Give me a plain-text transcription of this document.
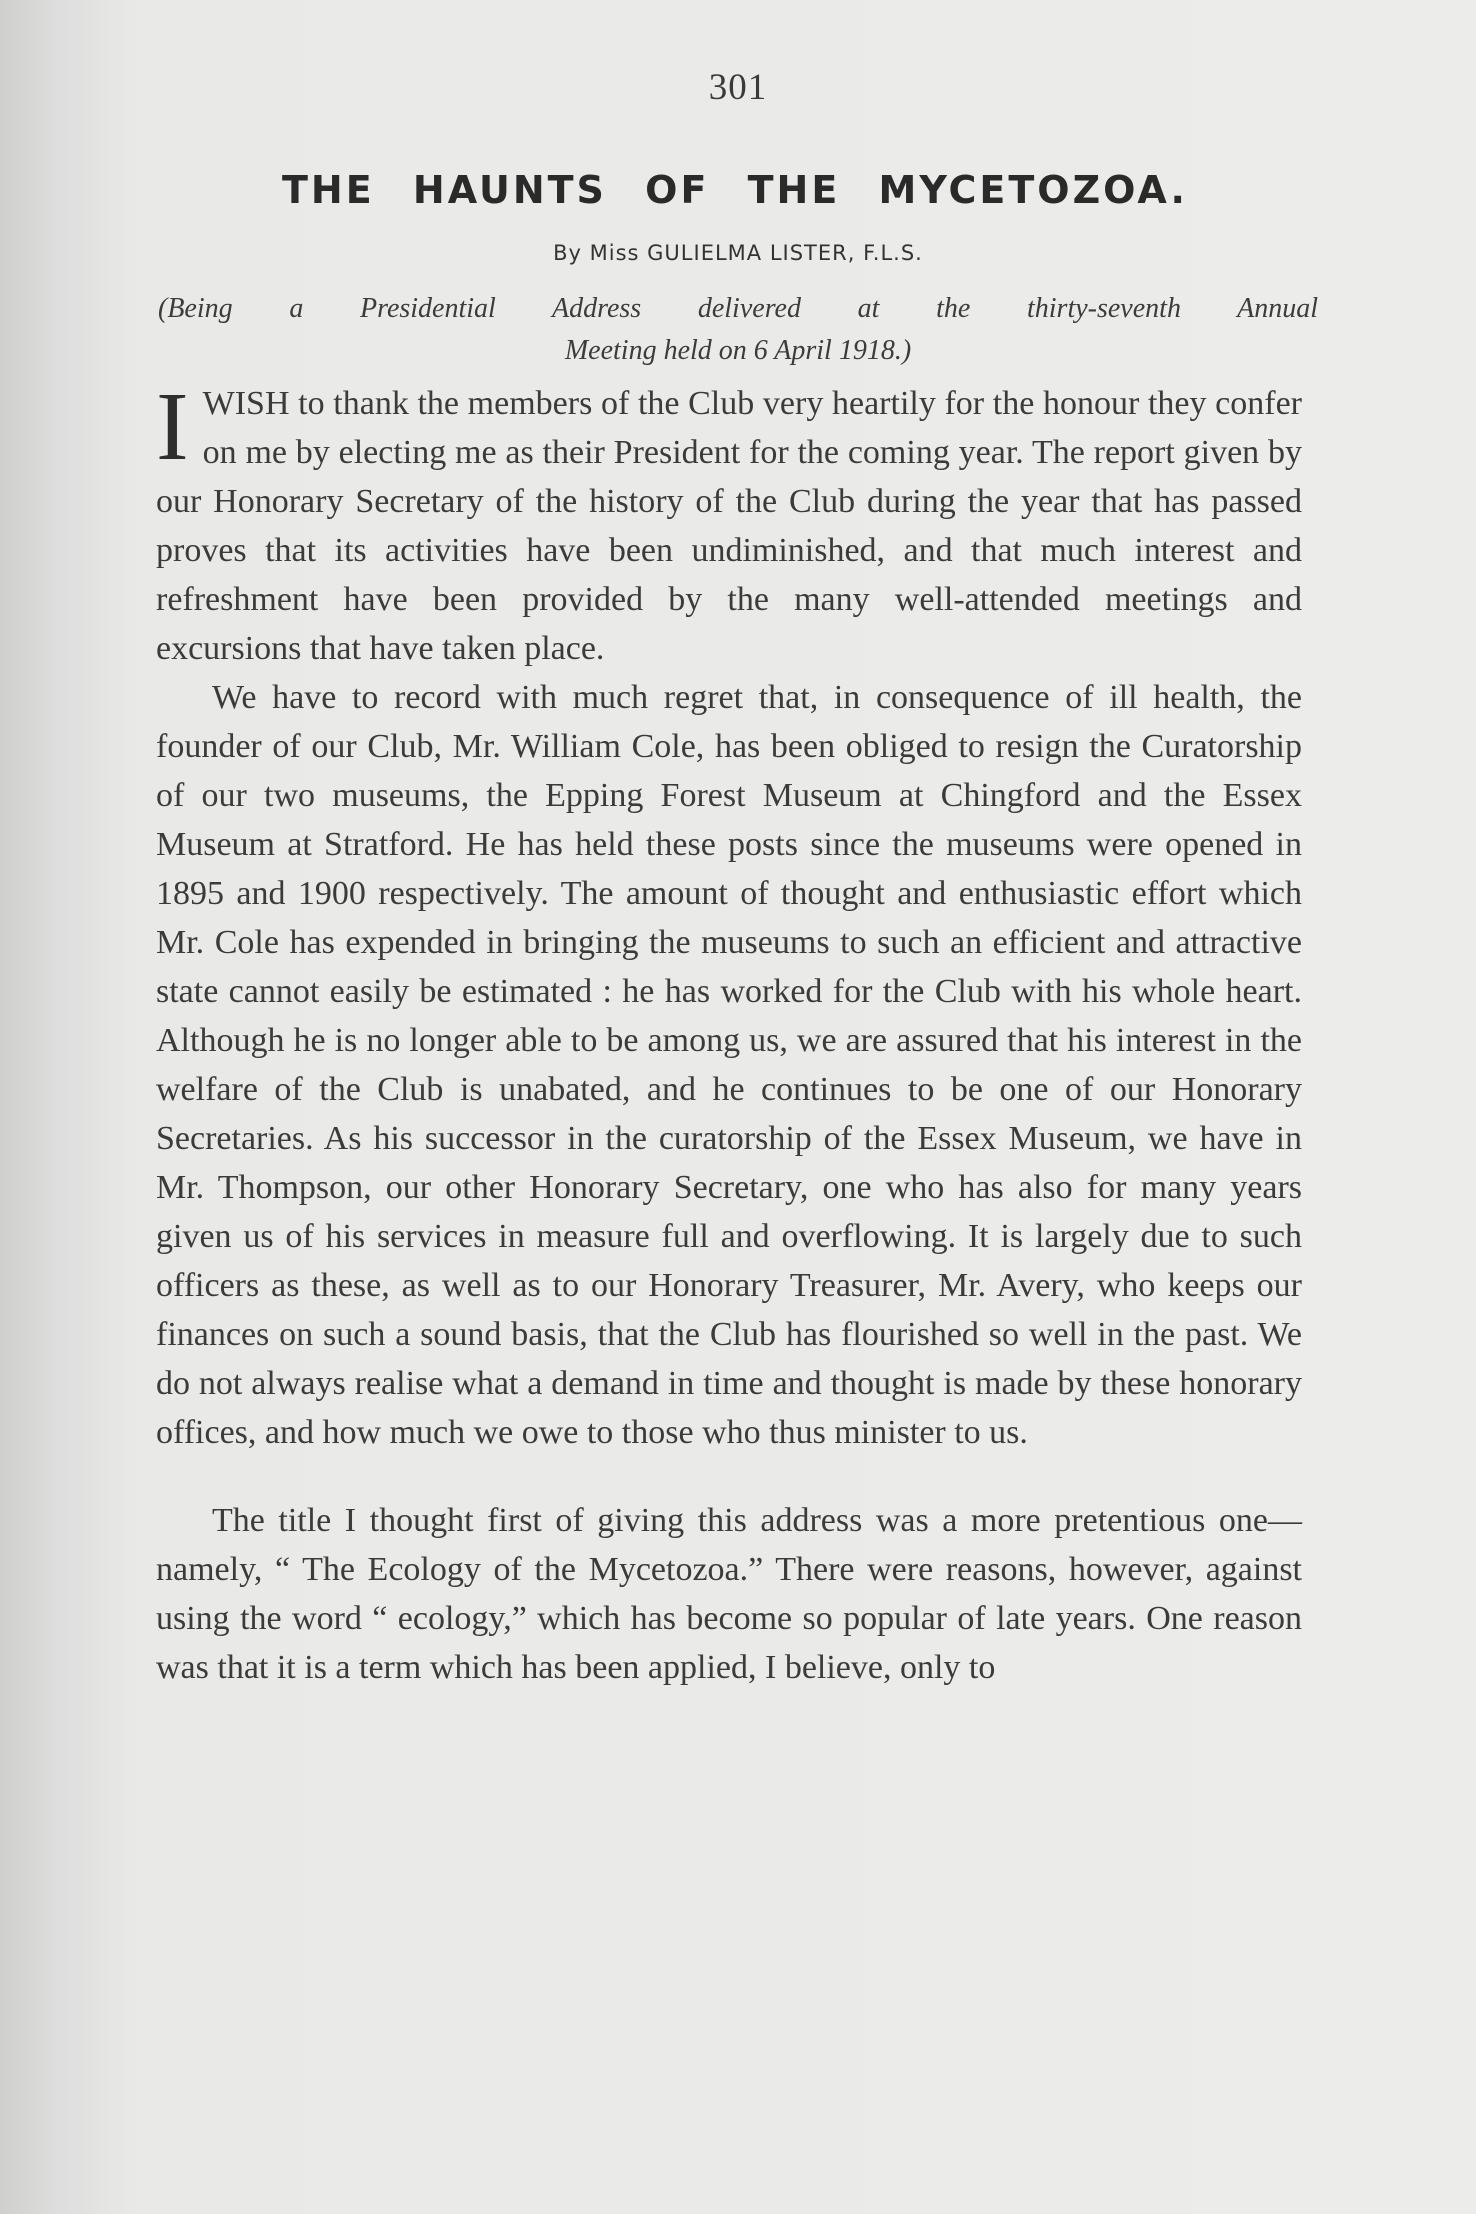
301
THE HAUNTS OF THE MYCETOZOA.
By Miss GULIELMA LISTER, F.L.S.
(Being a Presidential Address delivered at the thirty-seventh Annual
Meeting held on 6 April 1918.)

I WISH to thank the members of the Club very heartily for the honour they confer on me by electing me as their President for the coming year. The report given by our Honorary Secretary of the history of the Club during the year that has passed proves that its activities have been undiminished, and that much interest and refreshment have been provided by the many well-attended meetings and excursions that have taken place.

We have to record with much regret that, in consequence of ill health, the founder of our Club, Mr. William Cole, has been obliged to resign the Curatorship of our two museums, the Epping Forest Museum at Chingford and the Essex Museum at Stratford. He has held these posts since the museums were opened in 1895 and 1900 respectively. The amount of thought and enthusiastic effort which Mr. Cole has expended in bringing the museums to such an efficient and attractive state cannot easily be estimated : he has worked for the Club with his whole heart. Although he is no longer able to be among us, we are assured that his interest in the welfare of the Club is unabated, and he continues to be one of our Honorary Secretaries. As his successor in the curatorship of the Essex Museum, we have in Mr. Thompson, our other Honorary Secretary, one who has also for many years given us of his services in measure full and overflowing. It is largely due to such officers as these, as well as to our Honorary Treasurer, Mr. Avery, who keeps our finances on such a sound basis, that the Club has flourished so well in the past. We do not always realise what a demand in time and thought is made by these honorary offices, and how much we owe to those who thus minister to us.

The title I thought first of giving this address was a more pretentious one—namely, “ The Ecology of the Mycetozoa.” There were reasons, however, against using the word “ ecology,” which has become so popular of late years. One reason was that it is a term which has been applied, I believe, only to
